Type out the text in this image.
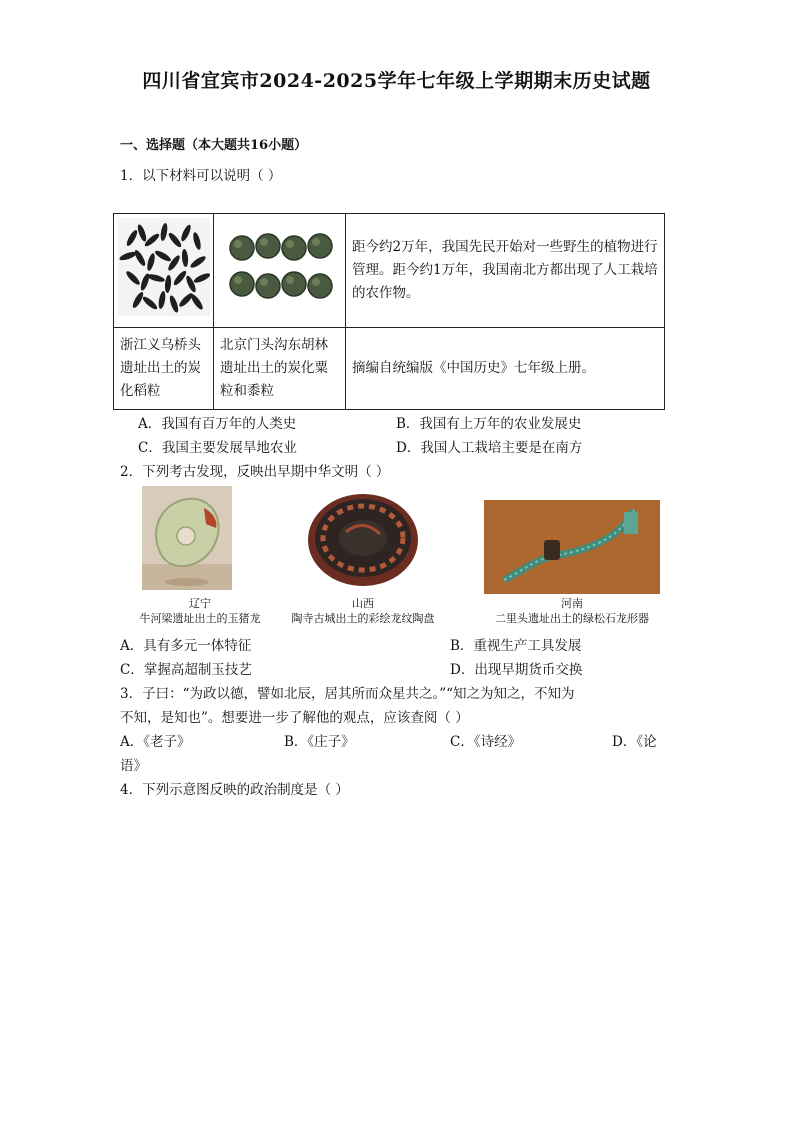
四川省宜宾市2024-2025学年七年级上学期期末历史试题
一、选择题（本大题共16小题）
1．以下材料可以说明（ ）
		距今约2万年，我国先民开始对一些野生的植物进行管理。距今约1万年，我国南北方都出现了人工栽培的农作物。
浙江义乌桥头遗址出土的炭化稻粒	北京门头沟东胡林遗址出土的炭化粟粒和黍粒	摘编自统编版《中国历史》七年级上册。
A．我国有百万年的人类史	B．我国有上万年的农业发展史
C．我国主要发展旱地农业	D．我国人工栽培主要是在南方
2．下列考古发现，反映出早期中华文明（ ）
辽宁
牛河梁遗址出土的玉猪龙
山西
陶寺古城出土的彩绘龙纹陶盘
河南
二里头遗址出土的绿松石龙形器
A．具有多元一体特征	B．重视生产工具发展
C．掌握高超制玉技艺	D．出现早期货币交换
3．子曰：“为政以德，譬如北辰，居其所而众星共之。”“知之为知之，不知为
不知，是知也”。想要进一步了解他的观点，应该查阅（ ）
A．《老子》	B．《庄子》	C．《诗经》	D．《论
语》
4．下列示意图反映的政治制度是（ ）
